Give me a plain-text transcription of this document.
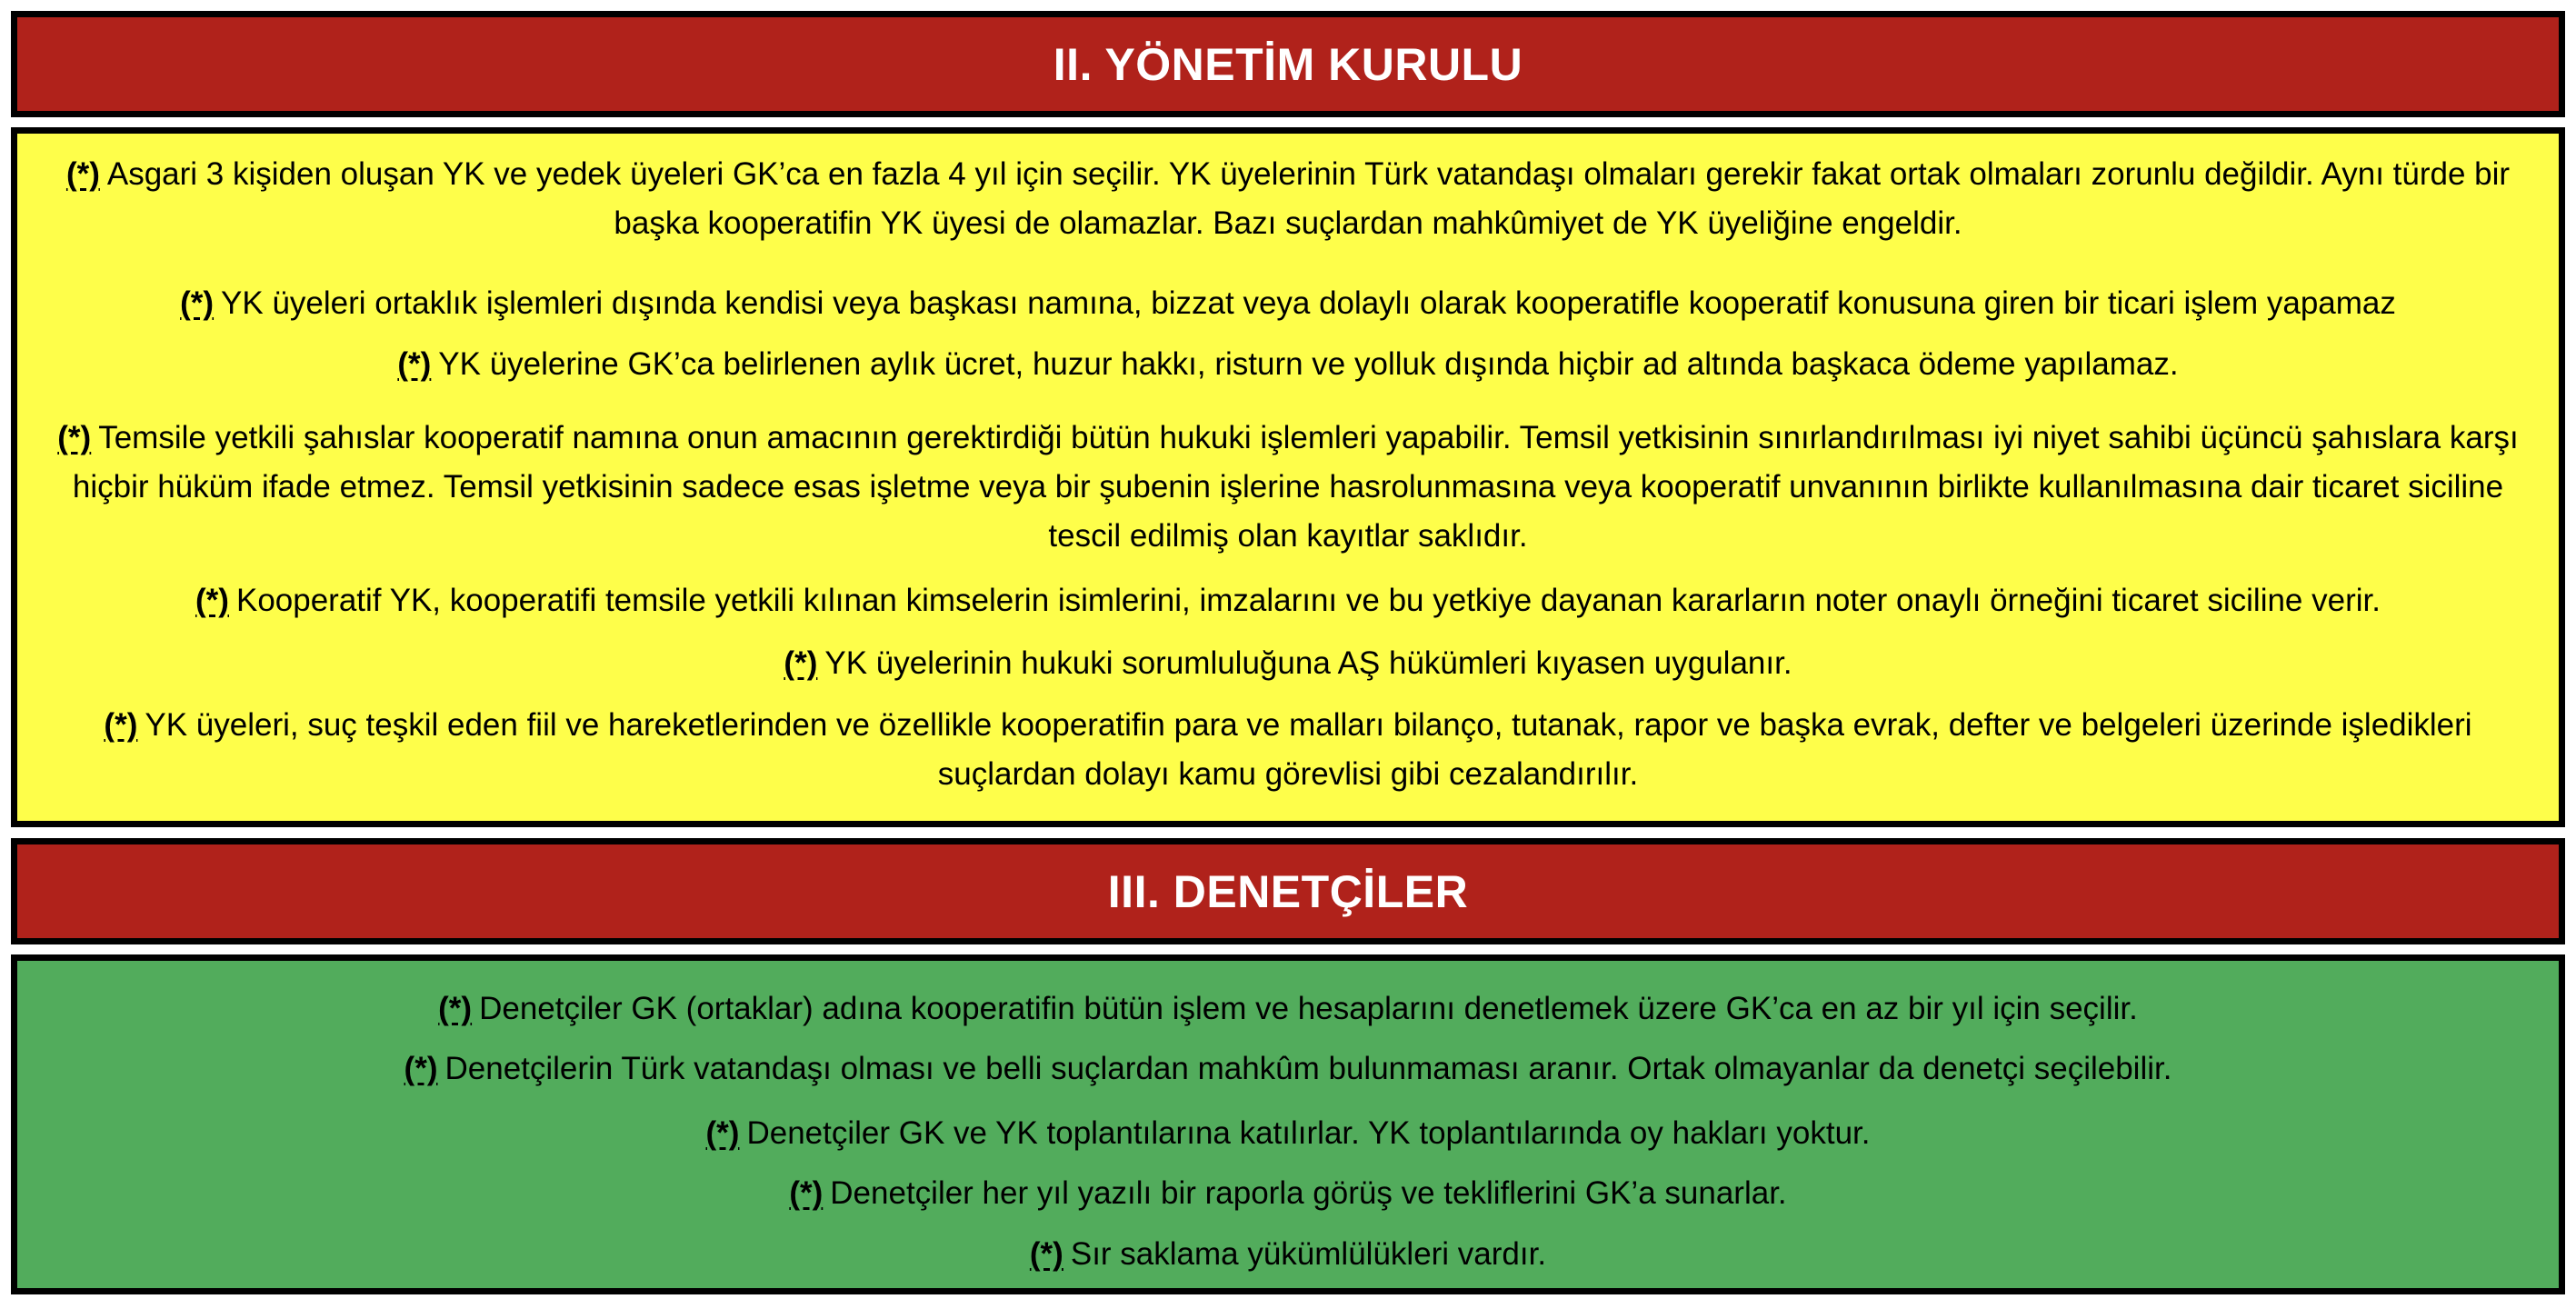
II. YÖNETİM KURULU
(*) Asgari 3 kişiden oluşan YK ve yedek üyeleri GK’ca en fazla 4 yıl için seçilir. YK üyelerinin Türk vatandaşı olmaları gerekir fakat ortak olmaları zorunlu değildir. Aynı türde bir başka kooperatifin YK üyesi de olamazlar. Bazı suçlardan mahkûmiyet de YK üyeliğine engeldir.
(*) YK üyeleri ortaklık işlemleri dışında kendisi veya başkası namına, bizzat veya dolaylı olarak kooperatifle kooperatif konusuna giren bir ticari işlem yapamaz
(*) YK üyelerine GK’ca belirlenen aylık ücret, huzur hakkı, risturn ve yolluk dışında hiçbir ad altında başkaca ödeme yapılamaz.
(*) Temsile yetkili şahıslar kooperatif namına onun amacının gerektirdiği bütün hukuki işlemleri yapabilir. Temsil yetkisinin sınırlandırılması iyi niyet sahibi üçüncü şahıslara karşı hiçbir hüküm ifade etmez. Temsil yetkisinin sadece esas işletme veya bir şubenin işlerine hasrolunmasına veya kooperatif unvanının birlikte kullanılmasına dair ticaret siciline tescil edilmiş olan kayıtlar saklıdır.
(*) Kooperatif YK, kooperatifi temsile yetkili kılınan kimselerin isimlerini, imzalarını ve bu yetkiye dayanan kararların noter onaylı örneğini ticaret siciline verir.
(*) YK üyelerinin hukuki sorumluluğuna AŞ hükümleri kıyasen uygulanır.
(*) YK üyeleri, suç teşkil eden fiil ve hareketlerinden ve özellikle kooperatifin para ve malları bilanço, tutanak, rapor ve başka evrak, defter ve belgeleri üzerinde işledikleri suçlardan dolayı kamu görevlisi gibi cezalandırılır.
III. DENETÇİLER
(*) Denetçiler GK (ortaklar) adına kooperatifin bütün işlem ve hesaplarını denetlemek üzere GK’ca en az bir yıl için seçilir.
(*) Denetçilerin Türk vatandaşı olması ve belli suçlardan mahkûm bulunmaması aranır. Ortak olmayanlar da denetçi seçilebilir.
(*) Denetçiler GK ve YK toplantılarına katılırlar. YK toplantılarında oy hakları yoktur.
(*) Denetçiler her yıl yazılı bir raporla görüş ve tekliflerini GK’a sunarlar.
(*) Sır saklama yükümlülükleri vardır.
